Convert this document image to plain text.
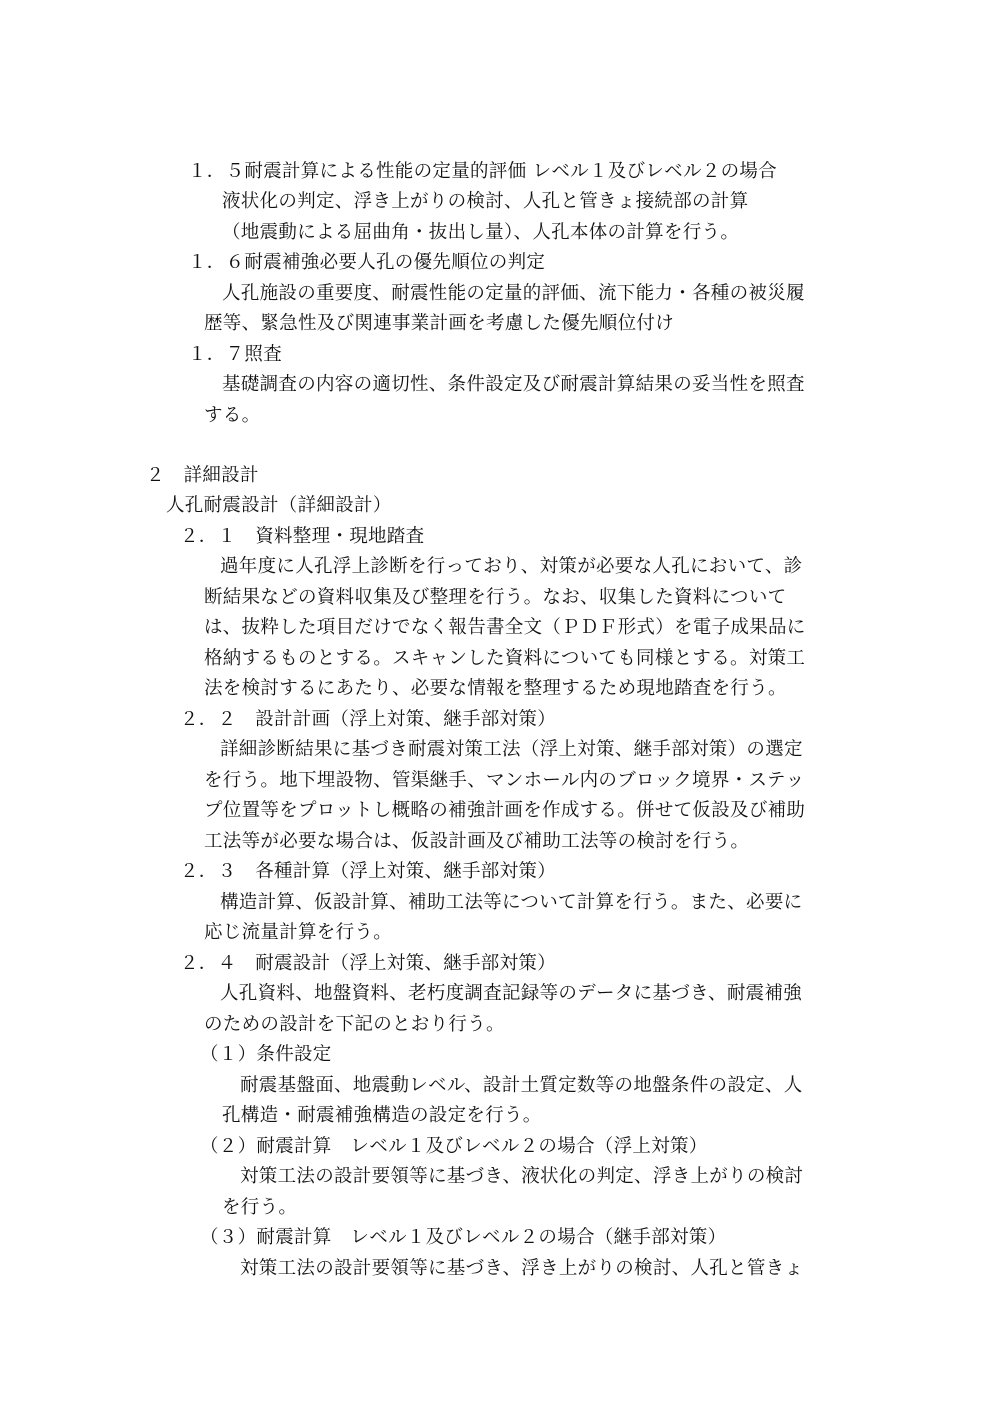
１．５耐震計算による性能の定量的評価 レベル１及びレベル２の場合
液状化の判定、浮き上がりの検討、人孔と管きょ接続部の計算
（地震動による屈曲角・抜出し量）、人孔本体の計算を行う。
１．６耐震補強必要人孔の優先順位の判定
人孔施設の重要度、耐震性能の定量的評価、流下能力・各種の被災履
歴等、緊急性及び関連事業計画を考慮した優先順位付け
１．７照査
基礎調査の内容の適切性、条件設定及び耐震計算結果の妥当性を照査
する。
２　詳細設計
人孔耐震設計（詳細設計）
２．１　資料整理・現地踏査
過年度に人孔浮上診断を行っており、対策が必要な人孔において、診
断結果などの資料収集及び整理を行う。なお、収集した資料について
は、抜粋した項目だけでなく報告書全文（ＰＤＦ形式）を電子成果品に
格納するものとする。スキャンした資料についても同様とする。対策工
法を検討するにあたり、必要な情報を整理するため現地踏査を行う。
２．２　設計計画（浮上対策、継手部対策）
詳細診断結果に基づき耐震対策工法（浮上対策、継手部対策）の選定
を行う。地下埋設物、管渠継手、マンホール内のブロック境界・ステッ
プ位置等をプロットし概略の補強計画を作成する。併せて仮設及び補助
工法等が必要な場合は、仮設計画及び補助工法等の検討を行う。
２．３　各種計算（浮上対策、継手部対策）
構造計算、仮設計算、補助工法等について計算を行う。また、必要に
応じ流量計算を行う。
２．４　耐震設計（浮上対策、継手部対策）
人孔資料、地盤資料、老朽度調査記録等のデータに基づき、耐震補強
のための設計を下記のとおり行う。
（１）条件設定
耐震基盤面、地震動レベル、設計土質定数等の地盤条件の設定、人
孔構造・耐震補強構造の設定を行う。
（２）耐震計算　レベル１及びレベル２の場合（浮上対策）
対策工法の設計要領等に基づき、液状化の判定、浮き上がりの検討
を行う。
（３）耐震計算　レベル１及びレベル２の場合（継手部対策）
対策工法の設計要領等に基づき、浮き上がりの検討、人孔と管きょ
